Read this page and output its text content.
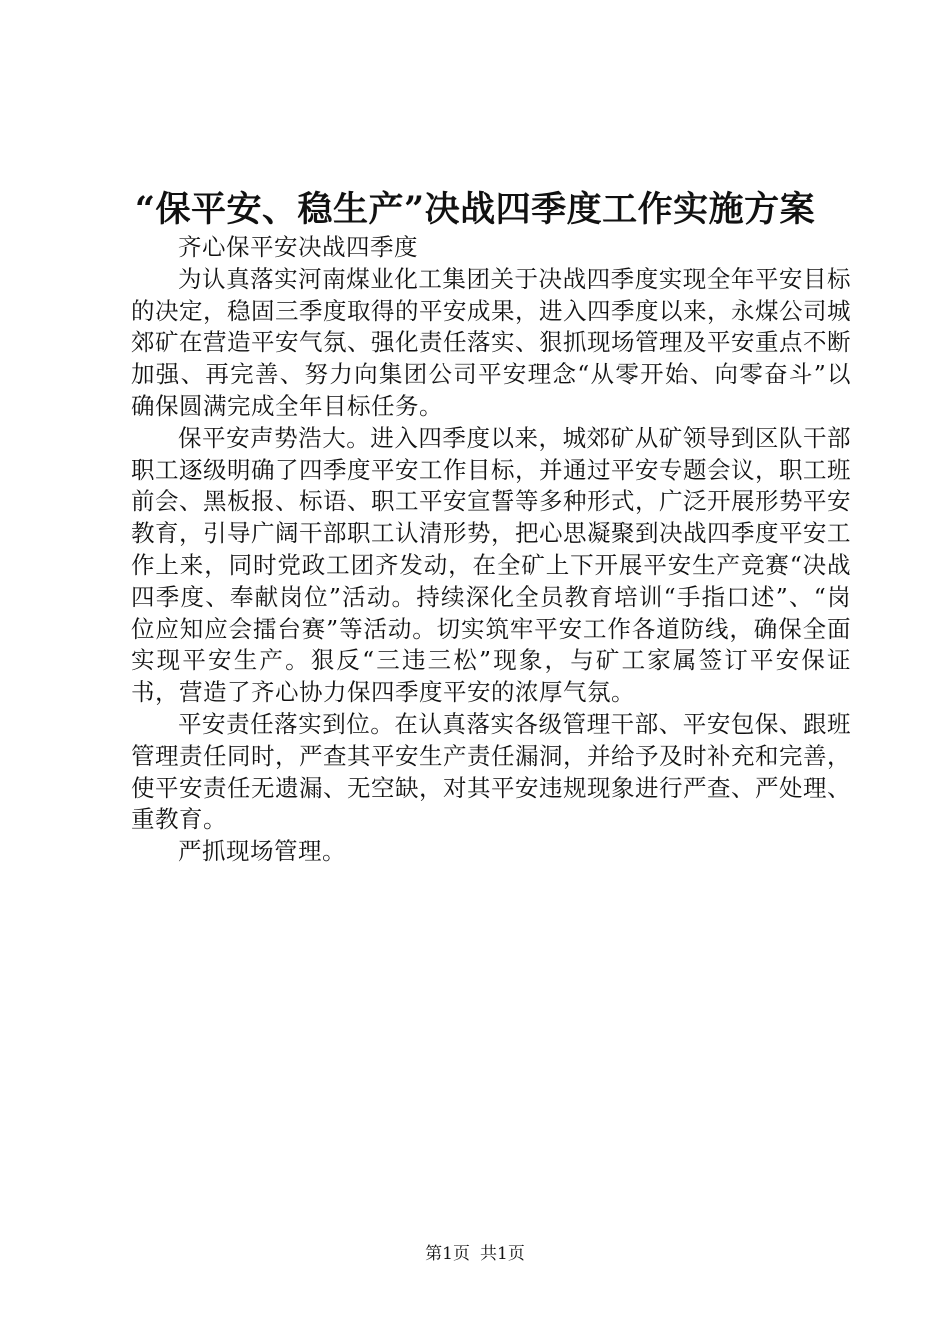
“保平安、稳生产”决战四季度工作实施方案

齐心保平安决战四季度

为认真落实河南煤业化工集团关于决战四季度实现全年平安目标的决定，稳固三季度取得的平安成果，进入四季度以来，永煤公司城郊矿在营造平安气氛、强化责任落实、狠抓现场管理及平安重点不断加强、再完善、努力向集团公司平安理念“从零开始、向零奋斗”以确保圆满完成全年目标任务。

保平安声势浩大。进入四季度以来，城郊矿从矿领导到区队干部职工逐级明确了四季度平安工作目标，并通过平安专题会议，职工班前会、黑板报、标语、职工平安宣誓等多种形式，广泛开展形势平安教育，引导广阔干部职工认清形势，把心思凝聚到决战四季度平安工作上来，同时党政工团齐发动，在全矿上下开展平安生产竞赛“决战四季度、奉献岗位”活动。持续深化全员教育培训“手指口述”、“岗位应知应会擂台赛”等活动。切实筑牢平安工作各道防线，确保全面实现平安生产。狠反“三违三松”现象，与矿工家属签订平安保证书，营造了齐心协力保四季度平安的浓厚气氛。

平安责任落实到位。在认真落实各级管理干部、平安包保、跟班管理责任同时，严查其平安生产责任漏洞，并给予及时补充和完善，使平安责任无遗漏、无空缺，对其平安违规现象进行严查、严处理、重教育。

严抓现场管理。

第1页 共1页
